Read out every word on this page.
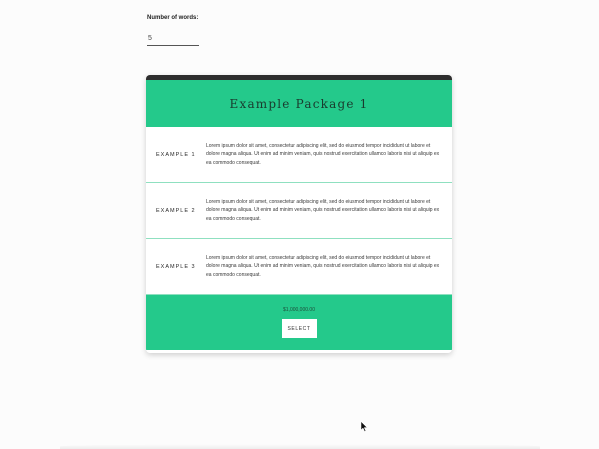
Number of words:
5
Example Package 1
EXAMPLE 1
Lorem ipsum dolor sit amet, consectetur adipiscing elit, sed do eiusmod tempor incididunt ut labore et dolore magna aliqua. Ut enim ad minim veniam, quis nostrud exercitation ullamco laboris nisi ut aliquip ex ea commodo consequat.
EXAMPLE 2
Lorem ipsum dolor sit amet, consectetur adipiscing elit, sed do eiusmod tempor incididunt ut labore et dolore magna aliqua. Ut enim ad minim veniam, quis nostrud exercitation ullamco laboris nisi ut aliquip ex ea commodo consequat.
EXAMPLE 3
Lorem ipsum dolor sit amet, consectetur adipiscing elit, sed do eiusmod tempor incididunt ut labore et dolore magna aliqua. Ut enim ad minim veniam, quis nostrud exercitation ullamco laboris nisi ut aliquip ex ea commodo consequat.
$1,000,000.00
SELECT
